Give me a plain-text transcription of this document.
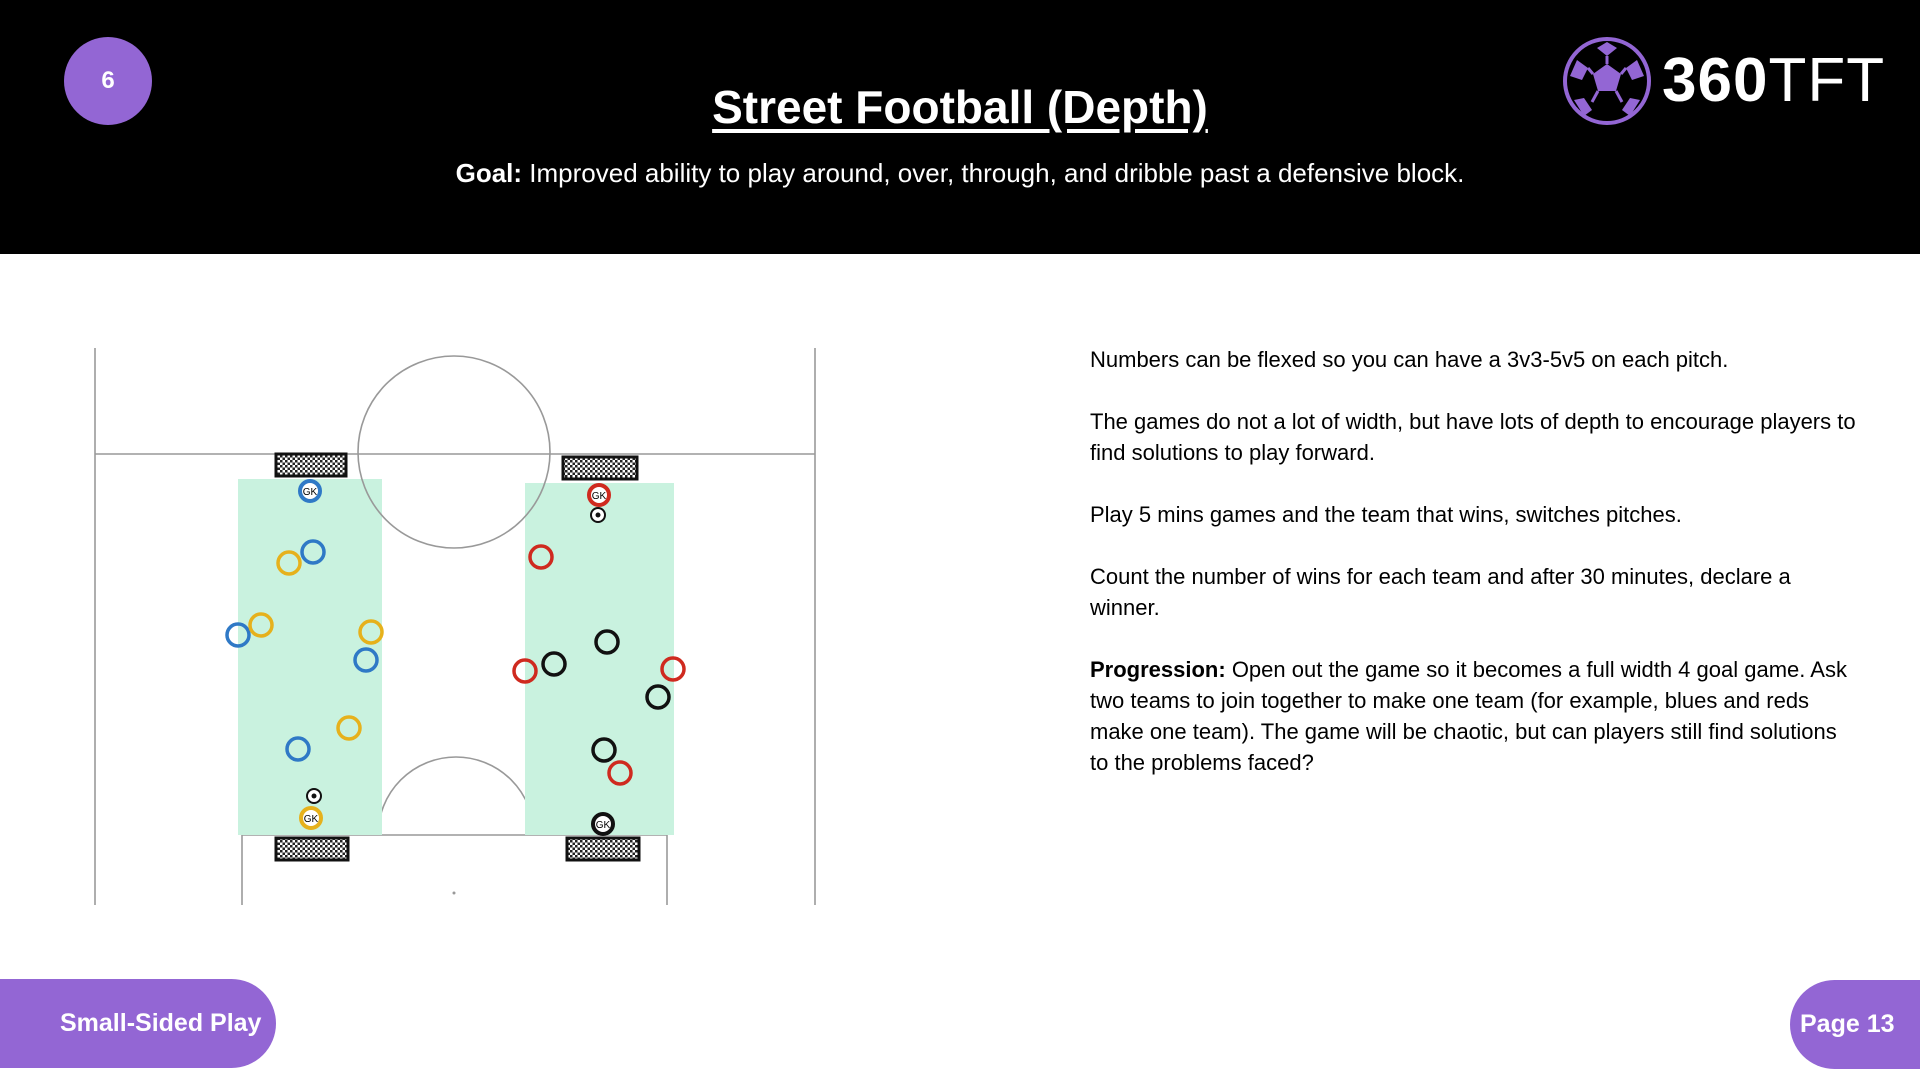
6
Street Football (Depth)
Goal: Improved ability to play around, over, through, and dribble past a defensive block.
360TFT
GK	GK
GK
GK

Numbers can be flexed so you can have a 3v3-5v5 on each pitch.

The games do not a lot of width, but have lots of depth to encourage players to find solutions to play forward.

Play 5 mins games and the team that wins, switches pitches.

Count the number of wins for each team and after 30 minutes, declare a winner.

Progression: Open out the game so it becomes a full width 4 goal game. Ask two teams to join together to make one team (for example, blues and reds make one team). The game will be chaotic, but can players still find solutions to the problems faced?

Small-Sided Play	Page 13
